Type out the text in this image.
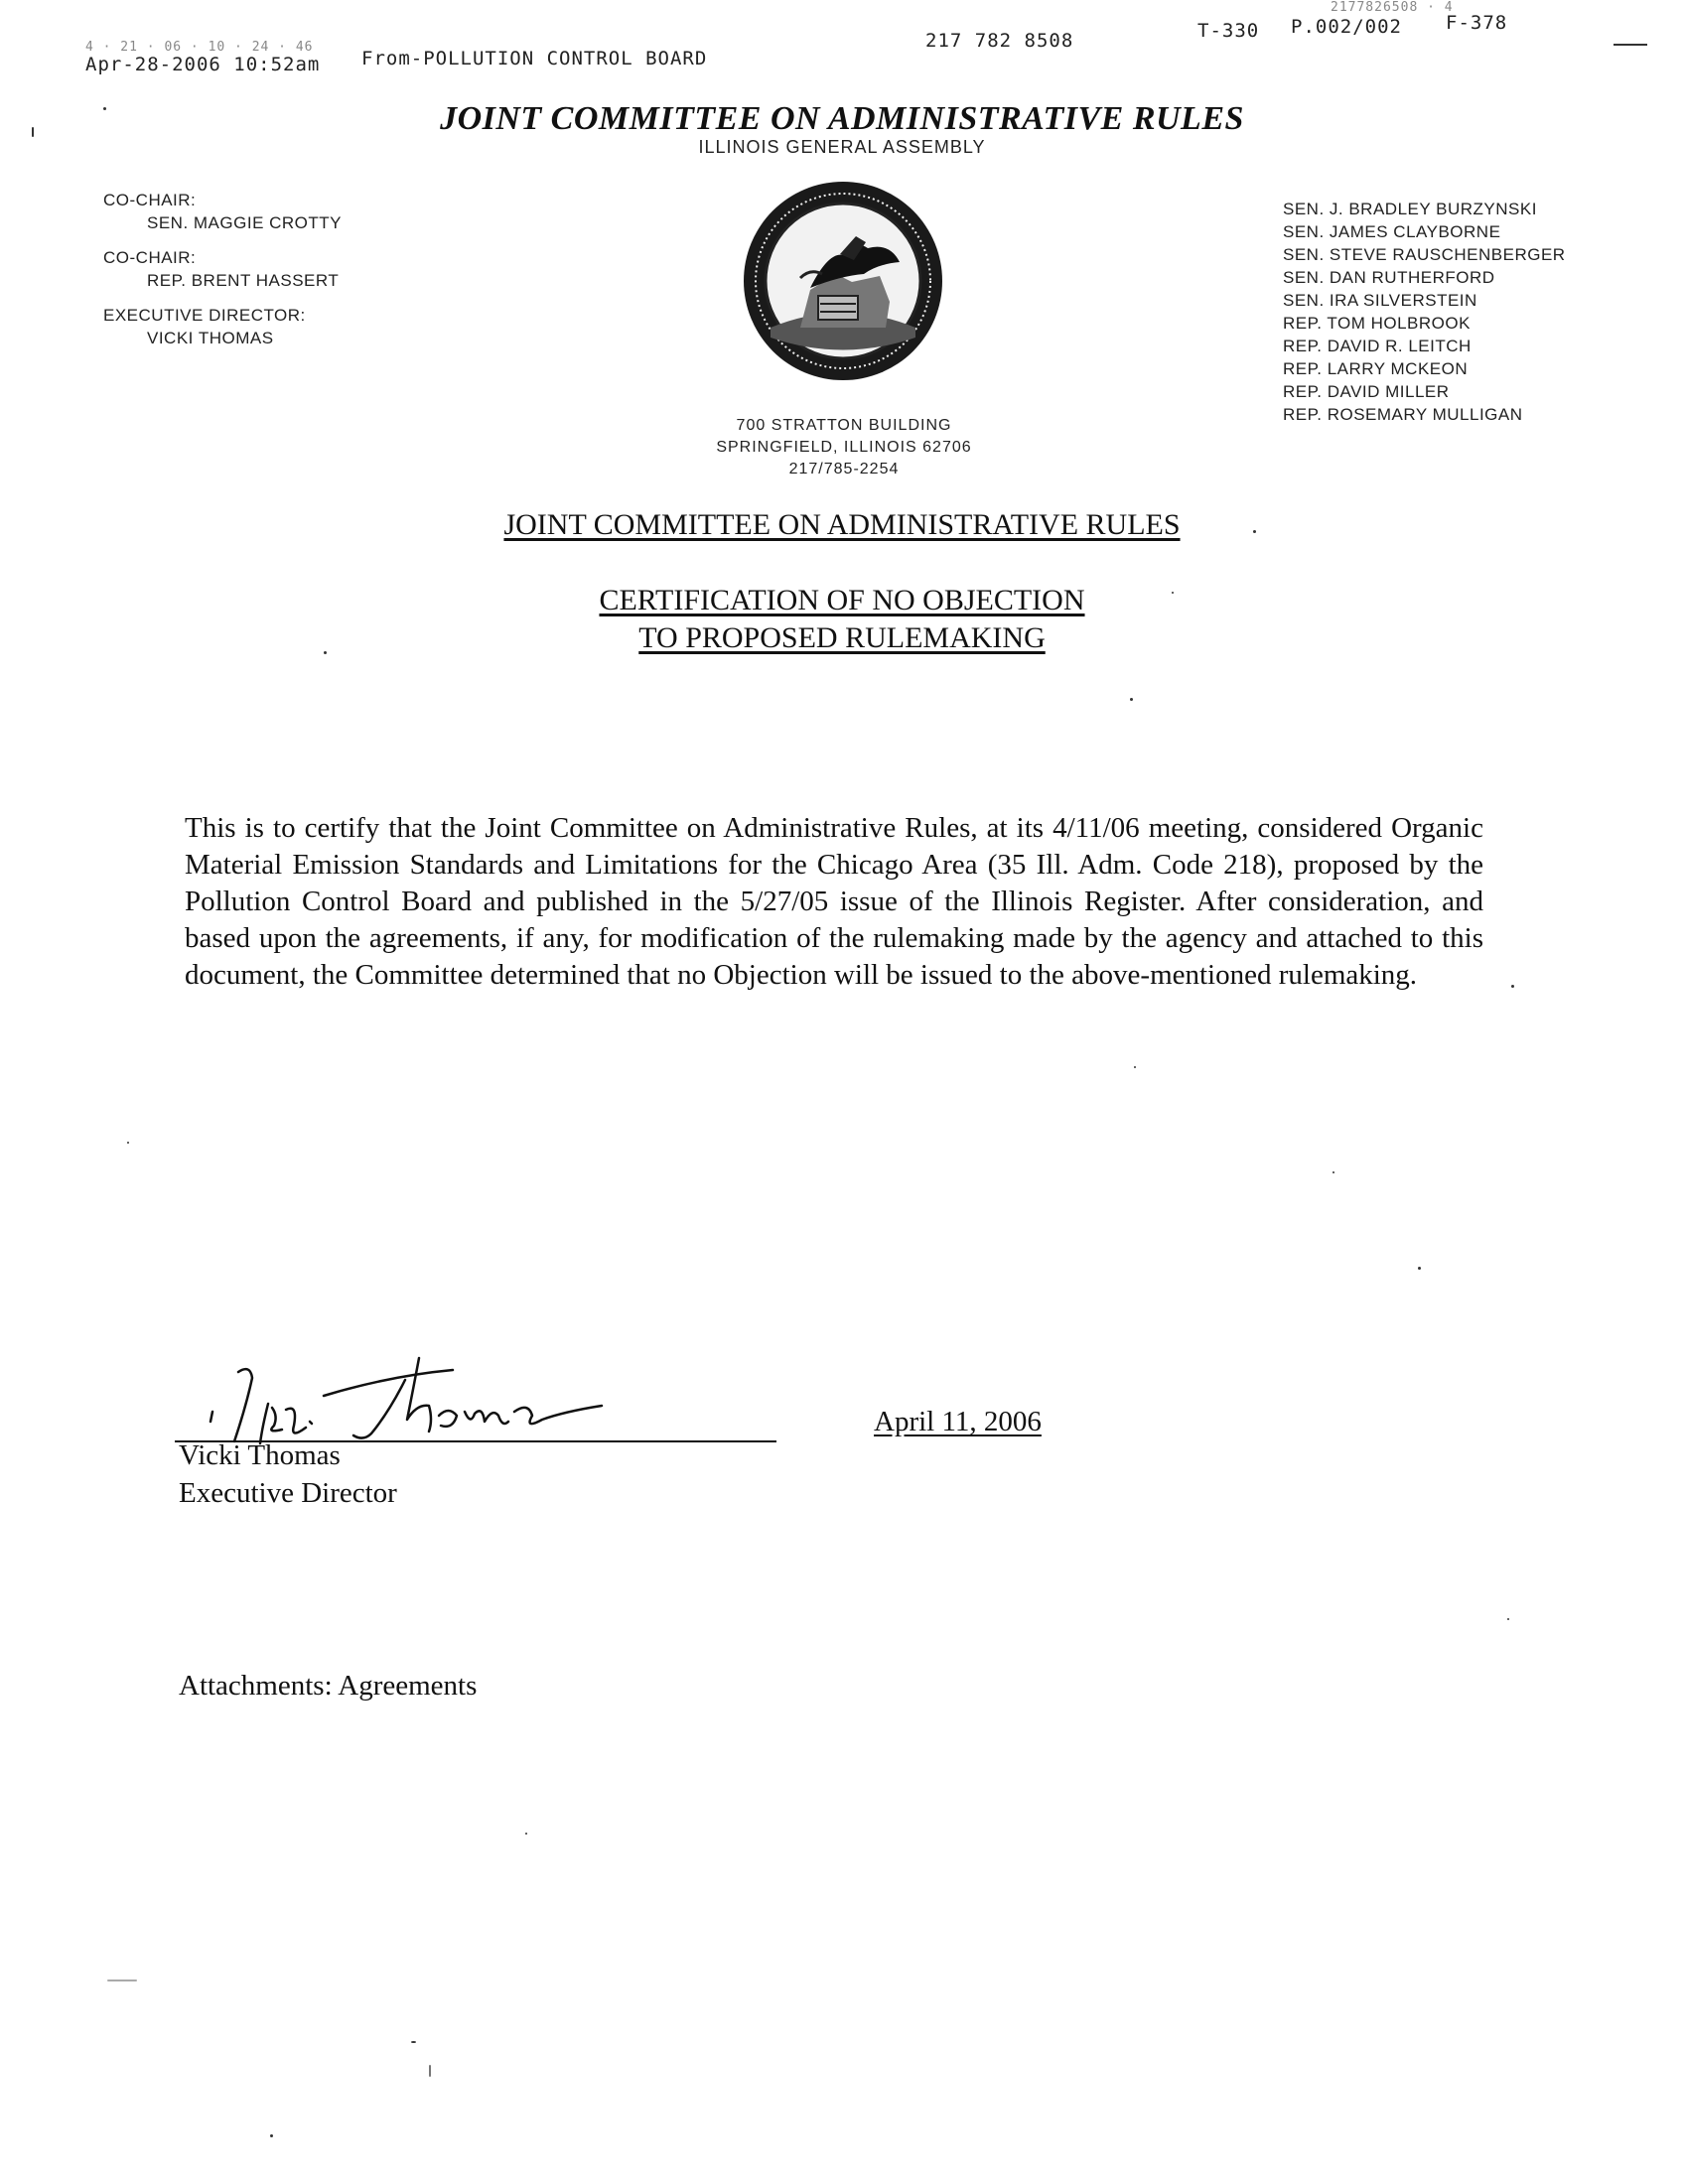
4 · 21 · 06 · 10 · 24 · 46
Apr-28-2006 10:52am From-POLLUTION CONTROL BOARD
217 782 8508	T-330 P.002/002 F-378
2177826508 · 4
JOINT COMMITTEE ON ADMINISTRATIVE RULES
ILLINOIS GENERAL ASSEMBLY
CO-CHAIR:
SEN. MAGGIE CROTTY
CO-CHAIR:
REP. BRENT HASSERT
EXECUTIVE DIRECTOR:
VICKI THOMAS
SEN. J. BRADLEY BURZYNSKI
SEN. JAMES CLAYBORNE
SEN. STEVE RAUSCHENBERGER
SEN. DAN RUTHERFORD
SEN. IRA SILVERSTEIN
REP. TOM HOLBROOK
REP. DAVID R. LEITCH
REP. LARRY MCKEON
REP. DAVID MILLER
REP. ROSEMARY MULLIGAN
700 STRATTON BUILDING
SPRINGFIELD, ILLINOIS 62706
217/785-2254
JOINT COMMITTEE ON ADMINISTRATIVE RULES
CERTIFICATION OF NO OBJECTION
TO PROPOSED RULEMAKING
This is to certify that the Joint Committee on Administrative Rules, at its 4/11/06 meeting, considered Organic Material Emission Standards and Limitations for the Chicago Area (35 Ill. Adm. Code 218), proposed by the Pollution Control Board and published in the 5/27/05 issue of the Illinois Register. After consideration, and based upon the agreements, if any, for modification of the rulemaking made by the agency and attached to this document, the Committee determined that no Objection will be issued to the above-mentioned rulemaking.
Vicki Thomas
Executive Director
April 11, 2006
Attachments: Agreements
